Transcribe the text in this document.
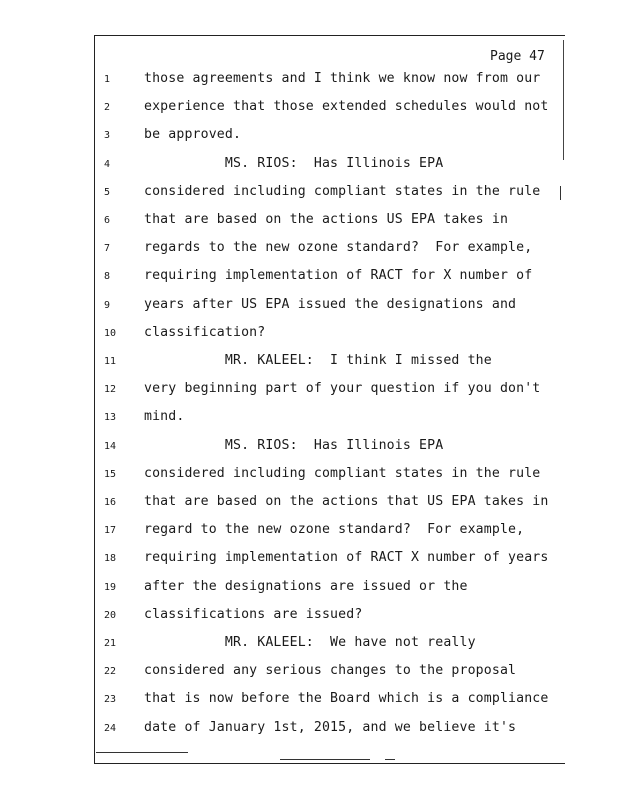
Page 47
1	those agreements and I think we know now from our
2	experience that those extended schedules would not
3	be approved.
4	MS. RIOS:  Has Illinois EPA
5	considered including compliant states in the rule
6	that are based on the actions US EPA takes in
7	regards to the new ozone standard?  For example,
8	requiring implementation of RACT for X number of
9	years after US EPA issued the designations and
10	classification?
11	MR. KALEEL:  I think I missed the
12	very beginning part of your question if you don't
13	mind.
14	MS. RIOS:  Has Illinois EPA
15	considered including compliant states in the rule
16	that are based on the actions that US EPA takes in
17	regard to the new ozone standard?  For example,
18	requiring implementation of RACT X number of years
19	after the designations are issued or the
20	classifications are issued?
21	MR. KALEEL:  We have not really
22	considered any serious changes to the proposal
23	that is now before the Board which is a compliance
24	date of January 1st, 2015, and we believe it's
